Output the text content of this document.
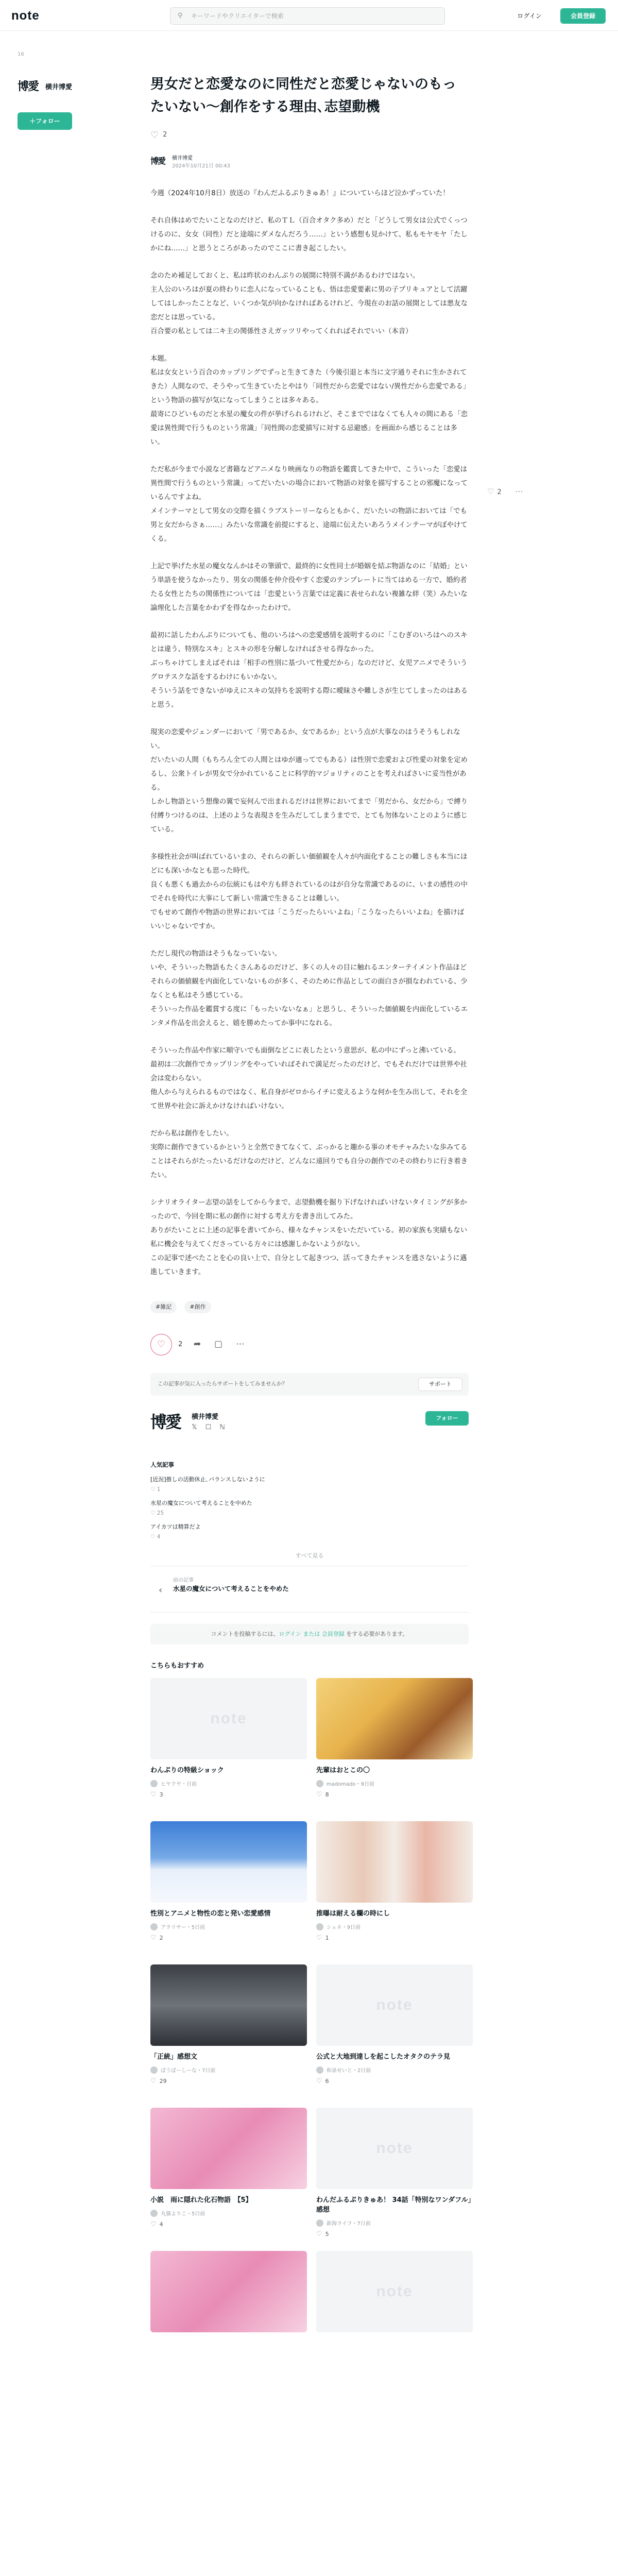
note	⚲ キーワードやクリエイターで検索	ログイン	会員登録
16
博愛	横井博愛
＋フォロー
♡ 2 ⋯
男女だと恋愛なのに同性だと恋愛じゃないのもったいない〜創作をする理由､志望動機
♡ 2
博愛	横井博愛
2024年10月21日 00:43
今週（2024年10月8日）放送の『わんだふるぷりきゅあ！』についていらほど泣かずっていた！
それ自体はめでたいことなのだけど、私のＴＬ（百合オタク多め）だと「どうして男女は公式でくっつけるのに、女女（同性）だと途端にダメなんだろう……」という感想も見かけて、私もモヤモヤ「たしかにね……」と思うところがあったのでここに書き起こしたい。
念のため補足しておくと、私は昨状のわんぷりの展開に特別不満があるわけではない。
主人公のいろはが夏の終わりに恋人になっていることも、悟は恋愛要素に男の子プリキュアとして活躍してはしかったことなど、いくつか気が向かなければあるけれど、今現在のお話の展開としては悪友な恋だとは思っている。
百合要の私としては二キ主の関係性さえガッツリやってくれればそれでいい（本音）
本題。
私は女女という百合のカップリングでずっと生きてきた（今後引退と本当に文字通りそれに生かされてきた）人間なので、そうやって生きていたとやはり「同性だから恋愛ではない/異性だから恋愛である」という物語の描写が気になってしまうことは多々ある。
最寄にひどいものだと水星の魔女の件が挙げられるけれど、そこまでではなくても人々の間にある「恋愛は異性間で行うものという常識」「同性間の恋愛描写に対する忌避感」を画面から感じることは多い。
ただ私が今まで小説など書籍などアニメなり映画なりの物語を鑑賞してきた中で、こういった「恋愛は異性間で行うものという常識」ってだいたいの場合において物語の対象を描写することの邪魔になっているんですよね。
メインテーマとして男女の交際を描くラブストーリーならともかく、だいたいの物語においては「でも男と女だからさぁ……」みたいな常識を前提にすると、途端に伝えたいあろうメインテーマがぼやけてくる。
上記で挙げた水星の魔女なんかはその筆頭で、最終的に女性同士が婚姻を結ぶ物語なのに「結婚」という単語を使うなかったり、男女の関係を仲介役やすく恋愛のテンプレートに当てはめる一方で、婚約者たる女性とたちの関係性については「恋愛という言葉では定義に表せられない複雑な絆（笑）みたいな論理化した言葉をかわずを得なかったわけで。
最初に話したわんぷりについても、他のいろはへの恋愛感情を説明するのに「こむぎのいろはへのスキとは違う、特別なスキ」とスキの形を分解しなければさせる得なかった。
ぶっちゃけてしまえばそれは「相手の性別に基づいて性愛だから」なのだけど、女児アニメでそういうグロテスクな話をするわけにもいかない。
そういう話をできないがゆえにスキの気持ちを説明する際に曖昧さや難しさが生じてしまったのはあると思う。
現実の恋愛やジェンダーにおいて「男であるか、女であるか」という点が大事なのはうそうもしれない。
だいたいの人間（もちろん全ての人間とはゆが適ってでもある）は性別で恋愛および性愛の対象を定めるし、公衆トイレが男女で分かれていることに科学的マジョリティのことを考えればさいに妥当性がある。
しかし物語という想像の翼で妄何んで出まれるだけは世界においてまで「男だから、女だから」で縛り付縛りつけるのは、上述のような表現さを生みだしてしまうまでで、とても勿体ないことのように感じている。
多様性社会が叫ばれているいまの、それらの新しい価値観を人々が内面化することの難しさも本当にほどにも深いかなとも思った時代。
良くも悪くも過去からの伝統にもはや方も絆されているのはが自分な常識であるのに、いまの感性の中でそれを時代に大事にして新しい常識で生きることは難しい。
でもせめて創作や物語の世界においては「こうだったらいいよね」「こうなったらいいよね」を描けばいいじゃないですか。
ただし現代の物語はそうもなっていない。
いや、そういった物語もたくさんあるのだけど、多くの人々の目に触れるエンターテイメント作品ほどそれらの価値観を内面化していないものが多く、そのために作品としての面白さが損なわれている、少なくとも私はそう感じている。
そういった作品を鑑賞する度に「もったいないなぁ」と思うし、そういった価値観を内面化しているエンタメ作品を出会えると、嬉を勝めたってか事中になれる。
そういった作品や作家に順守いでも面倒などこに表したという意思が、私の中にずっと沸いている。
最初は二次創作でカップリングをやっていればそれで満足だったのだけど、でもそれだけでは世界や社会は変わらない。
他人から与えられるものではなく、私自身がゼロからイチに変えるような何かを生み出して、それを全て世界や社会に訴えかけなければいけない。
だから私は創作をしたい。
実際に創作できているかというと全然できてなくて、ぶっかると趣かる事のオモチャみたいな歩みてることはそれらがたったいるだけなのだけど、どんなに遠回りでも自分の創作でのその終わりに行き着きたい。
シナリオライター志望の話をしてから今まで、志望動機を掘り下げなければいけないタイミングが多かったので、今回を期に私の創作に対する考え方を書き出してみた。
ありがたいことに上述の記事を書いてから、様々なチャンスをいただいている。初の家族も実績もない私に機会を与えてくださっている方々には感謝しかないようがない。
この記事で述べたことを心の良い上で、自分として起きつつ、活ってきたチャンスを逃さないように邁進していきます。
#雑記	#創作
♡	2 ➦ ▢ ⋯
この記事が気に入ったらサポートをしてみませんか？	サポート
博愛 横井博愛
𝕏 ☐ ℕ
フォロー
人気記事
[近況]推しの活動休止､バランスしないように
♡ 1
水星の魔女について考えることを中めた
♡ 25
アイカツは精算だよ
♡ 4
すべて見る
‹
前の記事
水星の魔女について考えることをやめた
コメントを投稿するには、ログイン または 会員登録 をする必要があります。
こちらもおすすめ
note
わんぷりの特級ショック
ヒヤクヤ・日前
♡ 3
先輩はおとこの〇
madomado・9日前
♡ 8
性別とアニメと物性の恋と発い恋愛感情
アラリサー・5日前
♡ 2
推曝は耐える欄の時にし
シェネ・9日前
♡ 1
「正統」感想文
ぼうぼーしーな・7日前
♡ 29
note
公式と大地到達しを起こしたオタクのテラ見
和泉せいと・2日前
♡ 6
小説　雨に隠れた化石物語　【5】
丸猫よりこ・5日前
♡ 4
note
わんだふるぷりきゅあ！ 34話「特別なワンダフル」感想
新海ライフ・7日前
♡ 5
note
